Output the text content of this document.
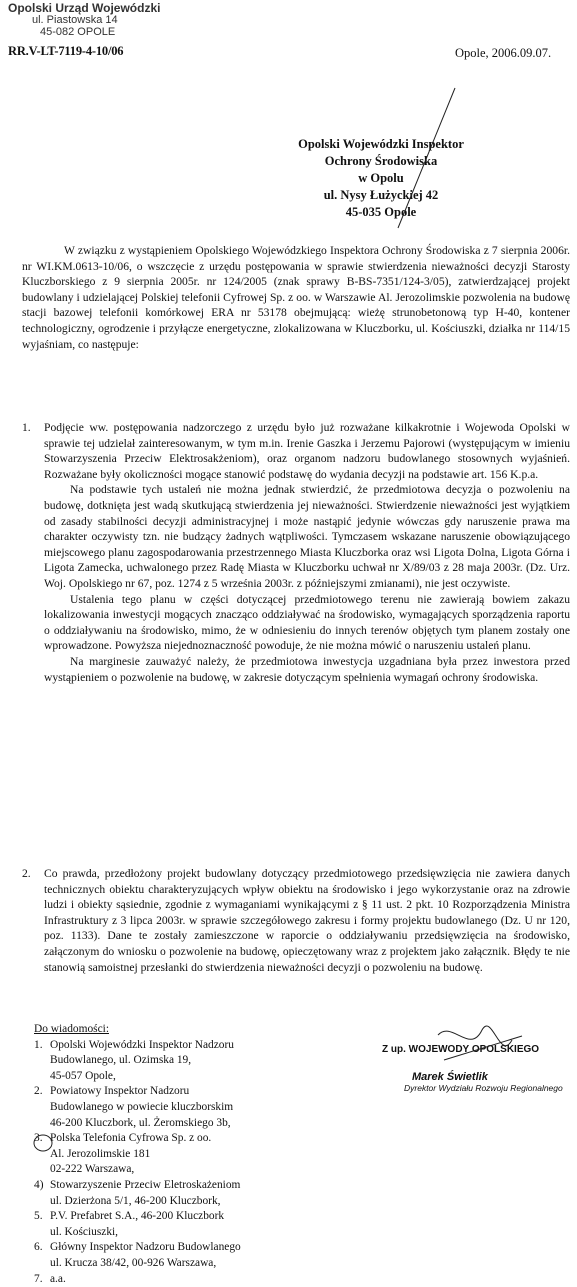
Opolski Urząd Wojewódzki
ul. Piastowska 14
45-082 OPOLE
RR.V-LT-7119-4-10/06	Opole, 2006.09.07.
Opolski Wojewódzki Inspektor
Ochrony Środowiska
w Opolu
ul. Nysy Łużyckiej 42
45-035 Opole

W związku z wystąpieniem Opolskiego Wojewódzkiego Inspektora Ochrony Środowiska z 7 sierpnia 2006r. nr WI.KM.0613-10/06, o wszczęcie z urzędu postępowania w sprawie stwierdzenia nieważności decyzji Starosty Kluczborskiego z 9 sierpnia 2005r. nr 124/2005 (znak sprawy B-BS-7351/124-3/05), zatwierdzającej projekt budowlany i udzielającej Polskiej telefonii Cyfrowej Sp. z oo. w Warszawie Al. Jerozolimskie pozwolenia na budowę stacji bazowej telefonii komórkowej ERA nr 53178 obejmującą: wieżę strunobetonową typ H-40, kontener technologiczny, ogrodzenie i przyłącze energetyczne, zlokalizowana w Kluczborku, ul. Kościuszki, działka nr 114/15 wyjaśniam, co następuje:

1.	Podjęcie ww. postępowania nadzorczego z urzędu było już rozważane kilkakrotnie i Wojewoda Opolski w sprawie tej udzielał zainteresowanym, w tym m.in. Irenie Gaszka i Jerzemu Pajorowi (występującym w imieniu Stowarzyszenia Przeciw Elektrosakżeniom), oraz organom nadzoru budowlanego stosownych wyjaśnień. Rozważane były okoliczności mogące stanowić podstawę do wydania decyzji na podstawie art. 156 K.p.a.

Na podstawie tych ustaleń nie można jednak stwierdzić, że przedmiotowa decyzja o pozwoleniu na budowę, dotknięta jest wadą skutkującą stwierdzenia jej nieważności. Stwierdzenie nieważności jest wyjątkiem od zasady stabilności decyzji administracyjnej i może nastąpić jedynie wówczas gdy naruszenie prawa ma charakter oczywisty tzn. nie budzący żadnych wątpliwości. Tymczasem wskazane naruszenie obowiązującego miejscowego planu zagospodarowania przestrzennego Miasta Kluczborka oraz wsi Ligota Dolna, Ligota Górna i Ligota Zamecka, uchwalonego przez Radę Miasta w Kluczborku uchwał nr X/89/03 z 28 maja 2003r. (Dz. Urz. Woj. Opolskiego nr 67, poz. 1274 z 5 września 2003r. z późniejszymi zmianami), nie jest oczywiste.

Ustalenia tego planu w części dotyczącej przedmiotowego terenu nie zawierają bowiem zakazu lokalizowania inwestycji mogących znacząco oddziaływać na środowisko, wymagających sporządzenia raportu o oddziaływaniu na środowisko, mimo, że w odniesieniu do innych terenów objętych tym planem zostały one wprowadzone. Powyższa niejednoznaczność powoduje, że nie można mówić o naruszeniu ustaleń planu.

Na marginesie zauważyć należy, że przedmiotowa inwestycja uzgadniana była przez inwestora przed wystąpieniem o pozwolenie na budowę, w zakresie dotyczącym spełnienia wymagań ochrony środowiska.

2.	Co prawda, przedłożony projekt budowlany dotyczący przedmiotowego przedsięwzięcia nie zawiera danych technicznych obiektu charakteryzujących wpływ obiektu na środowisko i jego wykorzystanie oraz na zdrowie ludzi i obiekty sąsiednie, zgodnie z wymaganiami wynikającymi z § 11 ust. 2 pkt. 10 Rozporządzenia Ministra Infrastruktury z 3 lipca 2003r. w sprawie szczegółowego zakresu i formy projektu budowlanego (Dz. U nr 120, poz. 1133). Dane te zostały zamieszczone w raporcie o oddziaływaniu przedsięwzięcia na środowisko, załączonym do wniosku o pozwolenie na budowę, opieczętowany wraz z projektem jako załącznik. Błędy te nie stanowią samoistnej przesłanki do stwierdzenia nieważności decyzji o pozwoleniu na budowę.

Do wiadomości:
1. Opolski Wojewódzki Inspektor Nadzoru
Budowlanego, ul. Ozimska 19,
45-057 Opole,
2. Powiatowy Inspektor Nadzoru
Budowlanego w powiecie kluczborskim
46-200 Kluczbork, ul. Żeromskiego 3b,
3. Polska Telefonia Cyfrowa Sp. z oo.
Al. Jerozolimskie 181
02-222 Warszawa,
4) Stowarzyszenie Przeciw Eletroskażeniom
ul. Dzierżona 5/1, 46-200 Kluczbork,
5. P.V. Prefabret S.A., 46-200 Kluczbork
ul. Kościuszki,
6. Główny Inspektor Nadzoru Budowlanego
ul. Krucza 38/42, 00-926 Warszawa,
7. a.a.
Z up. WOJEWODY OPOLSKIEGO
Marek Świetlik
Dyrektor Wydziału Rozwoju Regionalnego
